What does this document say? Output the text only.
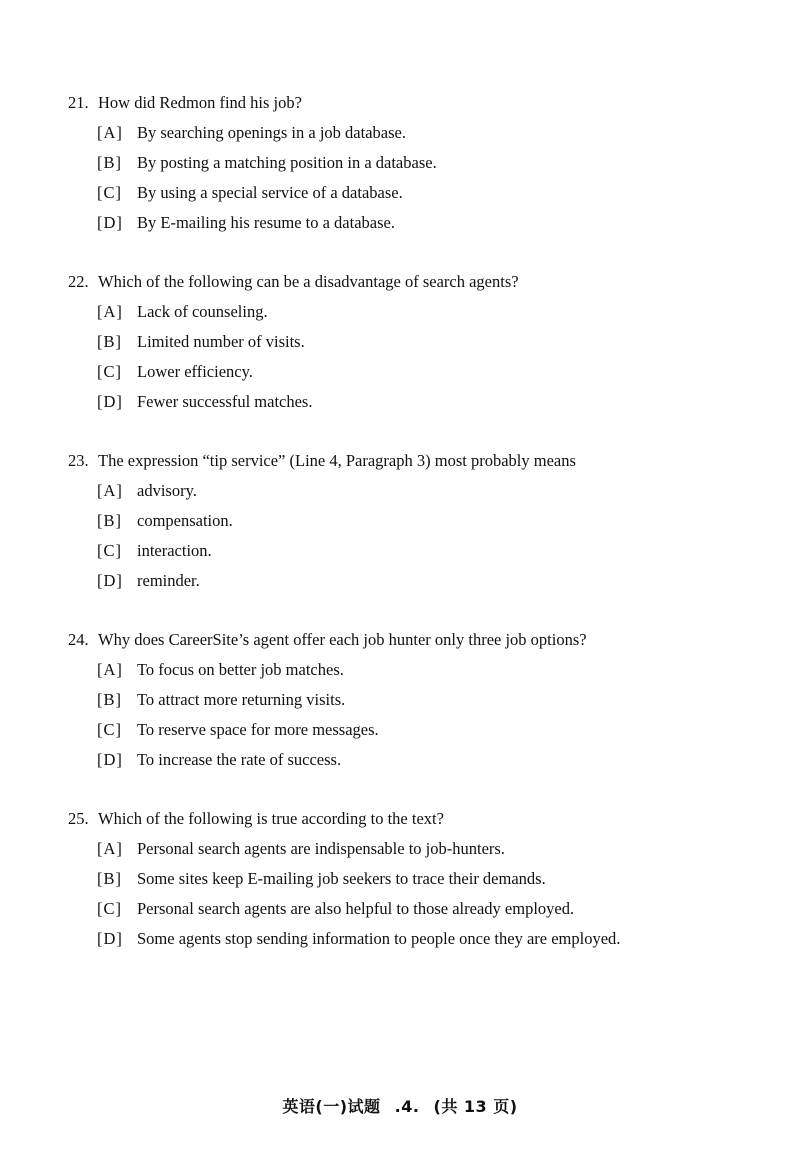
21. How did Redmon find his job?
[A] By searching openings in a job database.
[B] By posting a matching position in a database.
[C] By using a special service of a database.
[D] By E-mailing his resume to a database.
22. Which of the following can be a disadvantage of search agents?
[A] Lack of counseling.
[B] Limited number of visits.
[C] Lower efficiency.
[D] Fewer successful matches.
23. The expression “tip service” (Line 4, Paragraph 3) most probably means
[A] advisory.
[B] compensation.
[C] interaction.
[D] reminder.
24. Why does CareerSite’s agent offer each job hunter only three job options?
[A] To focus on better job matches.
[B] To attract more returning visits.
[C] To reserve space for more messages.
[D] To increase the rate of success.
25. Which of the following is true according to the text?
[A] Personal search agents are indispensable to job-hunters.
[B] Some sites keep E-mailing job seekers to trace their demands.
[C] Personal search agents are also helpful to those already employed.
[D] Some agents stop sending information to people once they are employed.
英语(一)试题 .4. (共 13 页)
